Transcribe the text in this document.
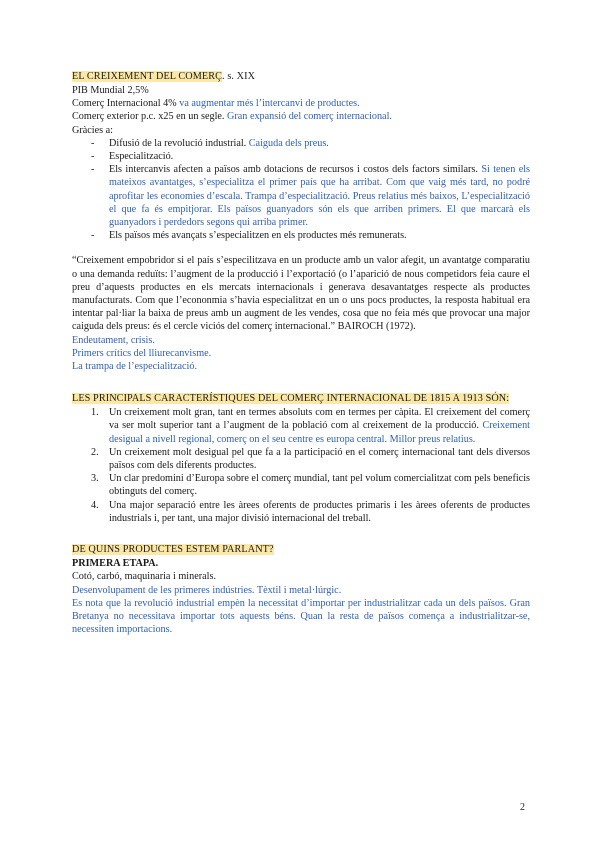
EL CREIXEMENT DEL COMERÇ. s. XIX
PIB Mundial 2,5%
Comerç Internacional 4% va augmentar més l’intercanvi de productes.
Comerç exterior p.c. x25 en un segle. Gran expansió del comerç internacional.
Gràcies a:
- Difusió de la revolució industrial. Caiguda dels preus.
- Especialització.
- Els intercanvis afecten a països amb dotacions de recursos i costos dels factors similars. Si tenen els mateixos avantatges, s’especialitza el primer país que ha arribat. Com que vaig més tard, no podré aprofitar les economies d’escala. Trampa d’especialització. Preus relatius més baixos, L’especialització el que fa és empitjorar. Els països guanyadors són els que arriben primers. El que marcarà els guanyadors i perdedors segons qui arriba primer.
- Els països més avançats s’especialitzen en els productes més remunerats.
“Creixement empobridor si el país s’especilitzava en un producte amb un valor afegit, un avantatge comparatiu o una demanda reduïts: l’augment de la producció i l’exportació (o l’aparició de nous competidors feia caure el preu d’aquests productes en els mercats internacionals i generava desavantatges respecte als productes manufacturats. Com que l’econonmia s’havia especialitzat en un o uns pocs productes, la resposta habitual era intentar pal·liar la baixa de preus amb un augment de les vendes, cosa que no feia més que provocar una major caiguda dels preus: és el cercle viciós del comerç internacional.” BAIROCH (1972).
Endeutament, crisis.
Primers crítics del lliurecanvisme.
La trampa de l’especialització.
LES PRINCIPALS CARACTERÍSTIQUES DEL COMERÇ INTERNACIONAL DE 1815 A 1913 SÓN:
1. Un creixement molt gran, tant en termes absoluts com en termes per càpita. El creixement del comerç va ser molt superior tant a l’augment de la població com al creixement de la producció. Creixement desigual a nivell regional, comerç on el seu centre es europa central. Millor preus relatius.
2. Un creixement molt desigual pel que fa a la participació en el comerç internacional tant dels diversos països com dels diferents productes.
3. Un clar predomini d’Europa sobre el comerç mundial, tant pel volum comercialitzat com pels beneficis obtinguts del comerç.
4. Una major separació entre les àrees oferents de productes primaris i les àrees oferents de productes industrials i, per tant, una major divisió internacional del treball.
DE QUINS PRODUCTES ESTEM PARLANT?
PRIMERA ETAPA.
Cotó, carbó, maquinaria i minerals.
Desenvolupament de les primeres indústries. Tèxtil i metal·lúrgic.
Es nota que la revolució industrial empèn la necessitat d’importar per industrialitzar cada un dels països. Gran Bretanya no necessitava importar tots aquests béns. Quan la resta de països comença a industrialitzar-se, necessiten importacions.
2
